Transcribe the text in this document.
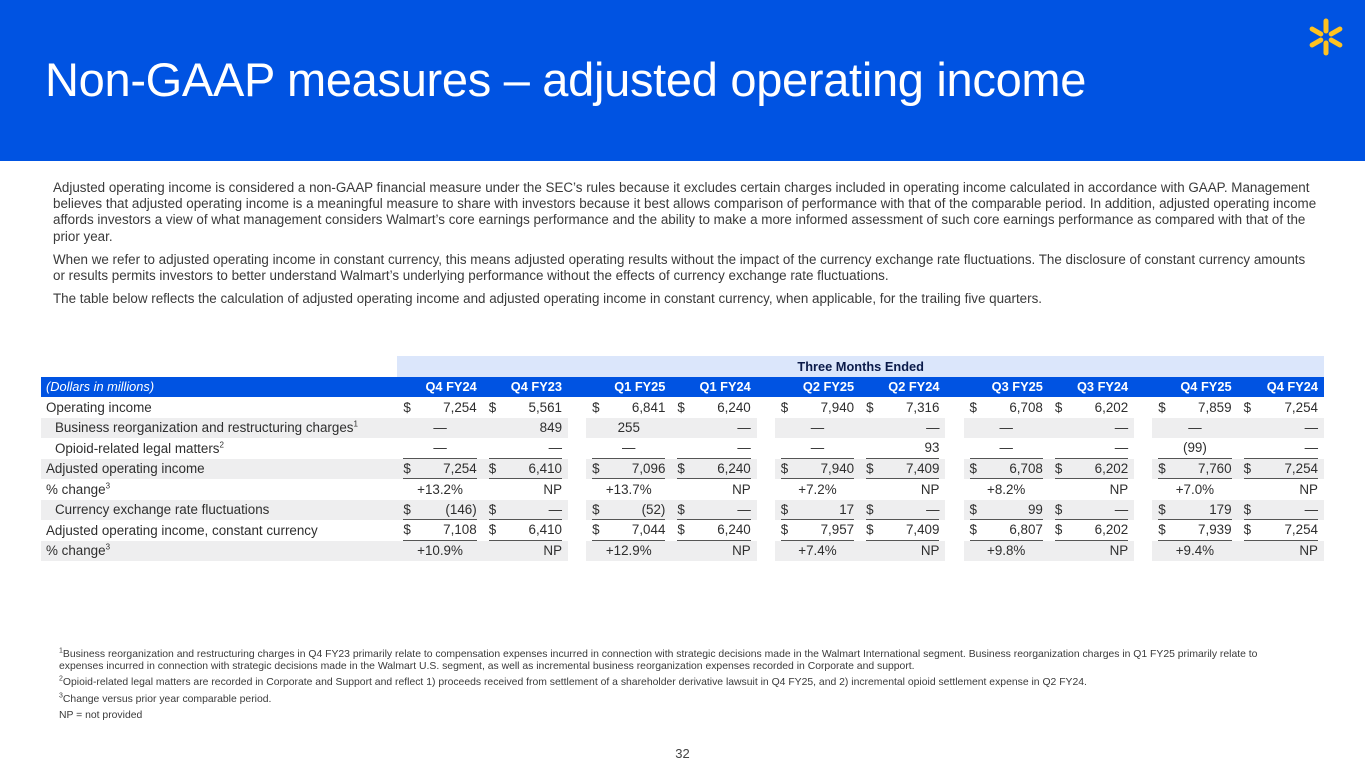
Non-GAAP measures – adjusted operating income

Adjusted operating income is considered a non-GAAP financial measure under the SEC’s rules because it excludes certain charges included in operating income calculated in accordance with GAAP. Management believes that adjusted operating income is a meaningful measure to share with investors because it best allows comparison of performance with that of the comparable period. In addition, adjusted operating income affords investors a view of what management considers Walmart’s core earnings performance and the ability to make a more informed assessment of such core earnings performance as compared with that of the prior year.

When we refer to adjusted operating income in constant currency, this means adjusted operating results without the impact of the currency exchange rate fluctuations. The disclosure of constant currency amounts or results permits investors to better understand Walmart’s underlying performance without the effects of currency exchange rate fluctuations.

The table below reflects the calculation of adjusted operating income and adjusted operating income in constant currency, when applicable, for the trailing five quarters.

	Three Months Ended													
(Dollars in millions)	Q4 FY24	Q4 FY23		Q1 FY25	Q1 FY24		Q2 FY25	Q2 FY24		Q3 FY25	Q3 FY24		Q4 FY25	Q4 FY24
Operating income	$ 7,254	$ 5,561		$ 6,841	$ 6,240		$ 7,940	$ 7,316		$ 6,708	$ 6,202		$ 7,859	$ 7,254

Business reorganization and restructuring charges$^1$	—	849		255	—		—	—		—	—		—	—

Opioid-related legal matters$^2$	—	—		—	—		—	93		—	—		(99)	—

Adjusted operating income	$ 7,254	$ 6,410		$ 7,096	$ 6,240		$ 7,940	$ 7,409		$ 6,708	$ 6,202		$ 7,760	$ 7,254

% change$^3$	+13.2%	NP		+13.7%	NP		+7.2%	NP		+8.2%	NP		+7.0%	NP

Currency exchange rate fluctuations	$ (146)	$ —		$ (52)	$ —		$ 17	$ —		$ 99	$ —		$ 179	$ —

Adjusted operating income, constant currency	$ 7,108	$ 6,410		$ 7,044	$ 6,240		$ 7,957	$ 7,409		$ 6,807	$ 6,202		$ 7,939	$ 7,254

% change$^3$	+10.9%	NP		+12.9%	NP		+7.4%	NP		+9.8%	NP		+9.4%	NP

$^1$Business reorganization and restructuring charges in Q4 FY23 primarily relate to compensation expenses incurred in connection with strategic decisions made in the Walmart International segment. Business reorganization charges in Q1 FY25 primarily relate to expenses incurred in connection with strategic decisions made in the Walmart U.S. segment, as well as incremental business reorganization expenses recorded in Corporate and support.

$^2$Opioid-related legal matters are recorded in Corporate and Support and reflect 1) proceeds received from settlement of a shareholder derivative lawsuit in Q4 FY25, and 2) incremental opioid settlement expense in Q2 FY24.

$^3$Change versus prior year comparable period.

NP = not provided

32
